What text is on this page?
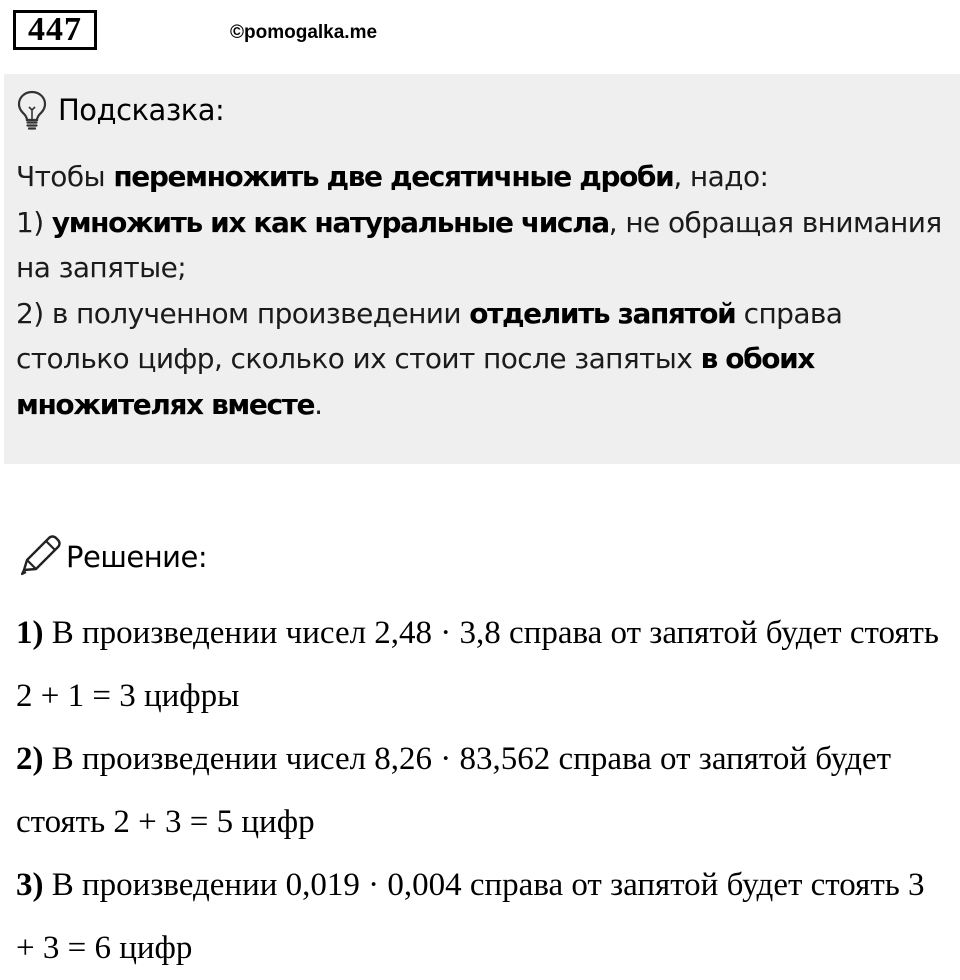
447	©pomogalka.me
Подсказка:
Чтобы перемножить две десятичные дроби, надо:
1) умножить их как натуральные числа, не обращая внимания на запятые;
2) в полученном произведении отделить запятой справа столько цифр, сколько их стоит после запятых в обоих множителях вместе.
Решение:
1) В произведении чисел 2,48 · 3,8 справа от запятой будет стоять 2 + 1 = 3 цифры
2) В произведении чисел 8,26 · 83,562 справа от запятой будет стоять 2 + 3 = 5 цифр
3) В произведении 0,019 · 0,004 справа от запятой будет стоять 3 + 3 = 6 цифр
